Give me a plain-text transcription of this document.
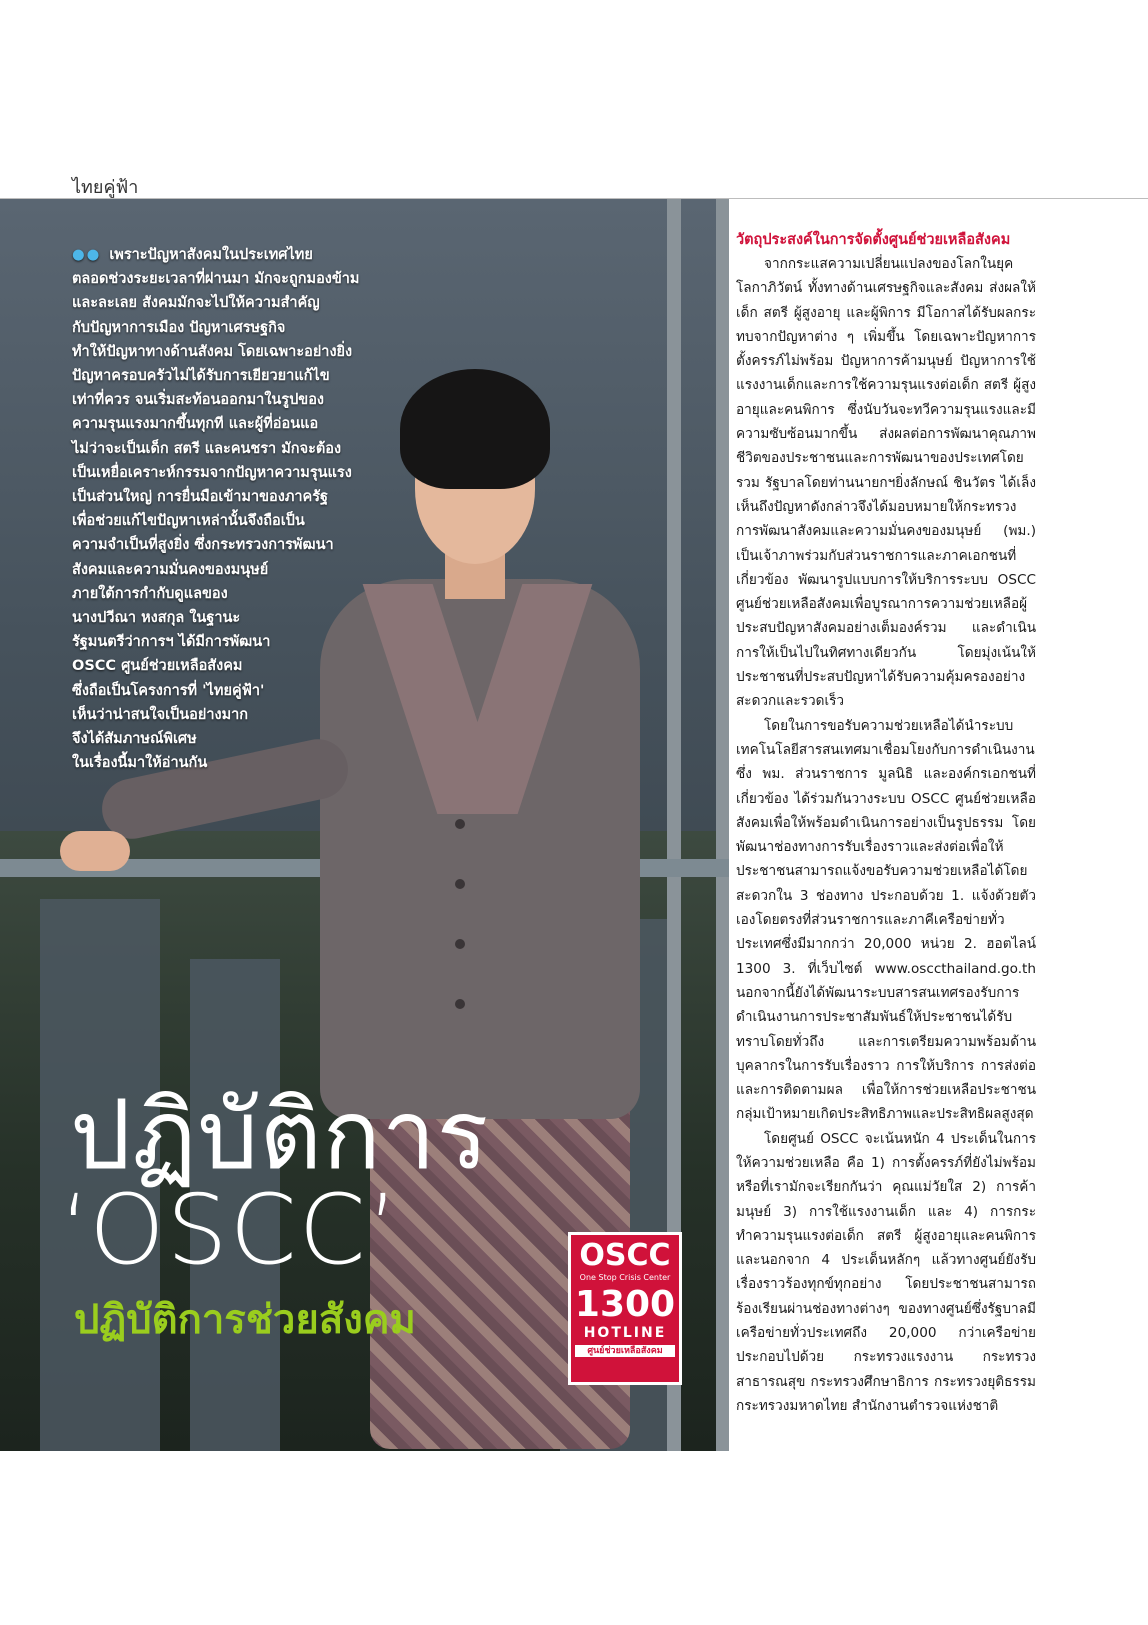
ไทยคู่ฟ้า

●● เพราะปัญหาสังคมในประเทศไทย

ตลอดช่วงระยะเวลาที่ผ่านมา มักจะถูกมองข้าม

และละเลย สังคมมักจะไปให้ความสำคัญ

กับปัญหาการเมือง ปัญหาเศรษฐกิจ

ทำให้ปัญหาทางด้านสังคม โดยเฉพาะอย่างยิ่ง

ปัญหาครอบครัวไม่ได้รับการเยียวยาแก้ไข

เท่าที่ควร จนเริ่มสะท้อนออกมาในรูปของ

ความรุนแรงมากขึ้นทุกที และผู้ที่อ่อนแอ

ไม่ว่าจะเป็นเด็ก สตรี และคนชรา มักจะต้อง

เป็นเหยื่อเคราะห์กรรมจากปัญหาความรุนแรง

เป็นส่วนใหญ่ การยื่นมือเข้ามาของภาครัฐ

เพื่อช่วยแก้ไขปัญหาเหล่านั้นจึงถือเป็น

ความจำเป็นที่สูงยิ่ง ซึ่งกระทรวงการพัฒนา

สังคมและความมั่นคงของมนุษย์

ภายใต้การกำกับดูแลของ

นางปวีณา หงสกุล ในฐานะ

รัฐมนตรีว่าการฯ ได้มีการพัฒนา

OSCC ศูนย์ช่วยเหลือสังคม

ซึ่งถือเป็นโครงการที่ 'ไทยคู่ฟ้า'

เห็นว่าน่าสนใจเป็นอย่างมาก

จึงได้สัมภาษณ์พิเศษ

ในเรื่องนี้มาให้อ่านกัน

ปฏิบัติการ
‘OSCC’
ปฏิบัติการช่วยสังคม
OSCC
One Stop Crisis Center
1300
HOTLINE
ศูนย์ช่วยเหลือสังคม
วัตถุประสงค์ในการจัดตั้งศูนย์ช่วยเหลือสังคม

จากกระแสความเปลี่ยนแปลงของโลกในยุคโลกาภิวัตน์ ทั้งทางด้านเศรษฐกิจและสังคม ส่งผลให้เด็ก สตรี ผู้สูงอายุ และผู้พิการ มีโอกาสได้รับผลกระทบจากปัญหาต่าง ๆ เพิ่มขึ้น โดยเฉพาะปัญหาการตั้งครรภ์ไม่พร้อม ปัญหาการค้ามนุษย์ ปัญหาการใช้แรงงานเด็กและการใช้ความรุนแรงต่อเด็ก สตรี ผู้สูงอายุและคนพิการ ซึ่งนับวันจะทวีความรุนแรงและมีความซับซ้อนมากขึ้น ส่งผลต่อการพัฒนาคุณภาพชีวิตของประชาชนและการพัฒนาของประเทศโดยรวม รัฐบาลโดยท่านนายกฯยิ่งลักษณ์ ชินวัตร ได้เล็งเห็นถึงปัญหาดังกล่าวจึงได้มอบหมายให้กระทรวงการพัฒนาสังคมและความมั่นคงของมนุษย์ (พม.) เป็นเจ้าภาพร่วมกับส่วนราชการและภาคเอกชนที่เกี่ยวข้อง พัฒนารูปแบบการให้บริการระบบ OSCC ศูนย์ช่วยเหลือสังคมเพื่อบูรณาการความช่วยเหลือผู้ประสบปัญหาสังคมอย่างเต็มองค์รวม และดำเนินการให้เป็นไปในทิศทางเดียวกัน โดยมุ่งเน้นให้ประชาชนที่ประสบปัญหาได้รับความคุ้มครองอย่างสะดวกและรวดเร็ว

โดยในการขอรับความช่วยเหลือได้นำระบบเทคโนโลยีสารสนเทศมาเชื่อมโยงกับการดำเนินงาน ซึ่ง พม. ส่วนราชการ มูลนิธิ และองค์กรเอกชนที่เกี่ยวข้อง ได้ร่วมกันวางระบบ OSCC ศูนย์ช่วยเหลือสังคมเพื่อให้พร้อมดำเนินการอย่างเป็นรูปธรรม โดยพัฒนาช่องทางการรับเรื่องราวและส่งต่อเพื่อให้ประชาชนสามารถแจ้งขอรับความช่วยเหลือได้โดยสะดวกใน 3 ช่องทาง ประกอบด้วย 1. แจ้งด้วยตัวเองโดยตรงที่ส่วนราชการและภาคีเครือข่ายทั่วประเทศซึ่งมีมากกว่า 20,000 หน่วย 2. ฮอตไลน์ 1300 3. ที่เว็บไซต์ www.osccthailand.go.th นอกจากนี้ยังได้พัฒนาระบบสารสนเทศรองรับการดำเนินงานการประชาสัมพันธ์ให้ประชาชนได้รับทราบโดยทั่วถึง และการเตรียมความพร้อมด้านบุคลากรในการรับเรื่องราว การให้บริการ การส่งต่อและการติดตามผล เพื่อให้การช่วยเหลือประชาชนกลุ่มเป้าหมายเกิดประสิทธิภาพและประสิทธิผลสูงสุด

โดยศูนย์ OSCC จะเน้นหนัก 4 ประเด็นในการให้ความช่วยเหลือ คือ 1) การตั้งครรภ์ที่ยังไม่พร้อมหรือที่เรามักจะเรียกกันว่า คุณแม่วัยใส 2) การค้ามนุษย์ 3) การใช้แรงงานเด็ก และ 4) การกระทำความรุนแรงต่อเด็ก สตรี ผู้สูงอายุและคนพิการ และนอกจาก 4 ประเด็นหลักๆ แล้วทางศูนย์ยังรับเรื่องราวร้องทุกข์ทุกอย่าง โดยประชาชนสามารถร้องเรียนผ่านช่องทางต่างๆ ของทางศูนย์ซึ่งรัฐบาลมีเครือข่ายทั่วประเทศถึง 20,000 กว่าเครือข่าย ประกอบไปด้วย กระทรวงแรงงาน กระทรวงสาธารณสุข กระทรวงศึกษาธิการ กระทรวงยุติธรรม กระทรวงมหาดไทย สำนักงานตำรวจแห่งชาติ
